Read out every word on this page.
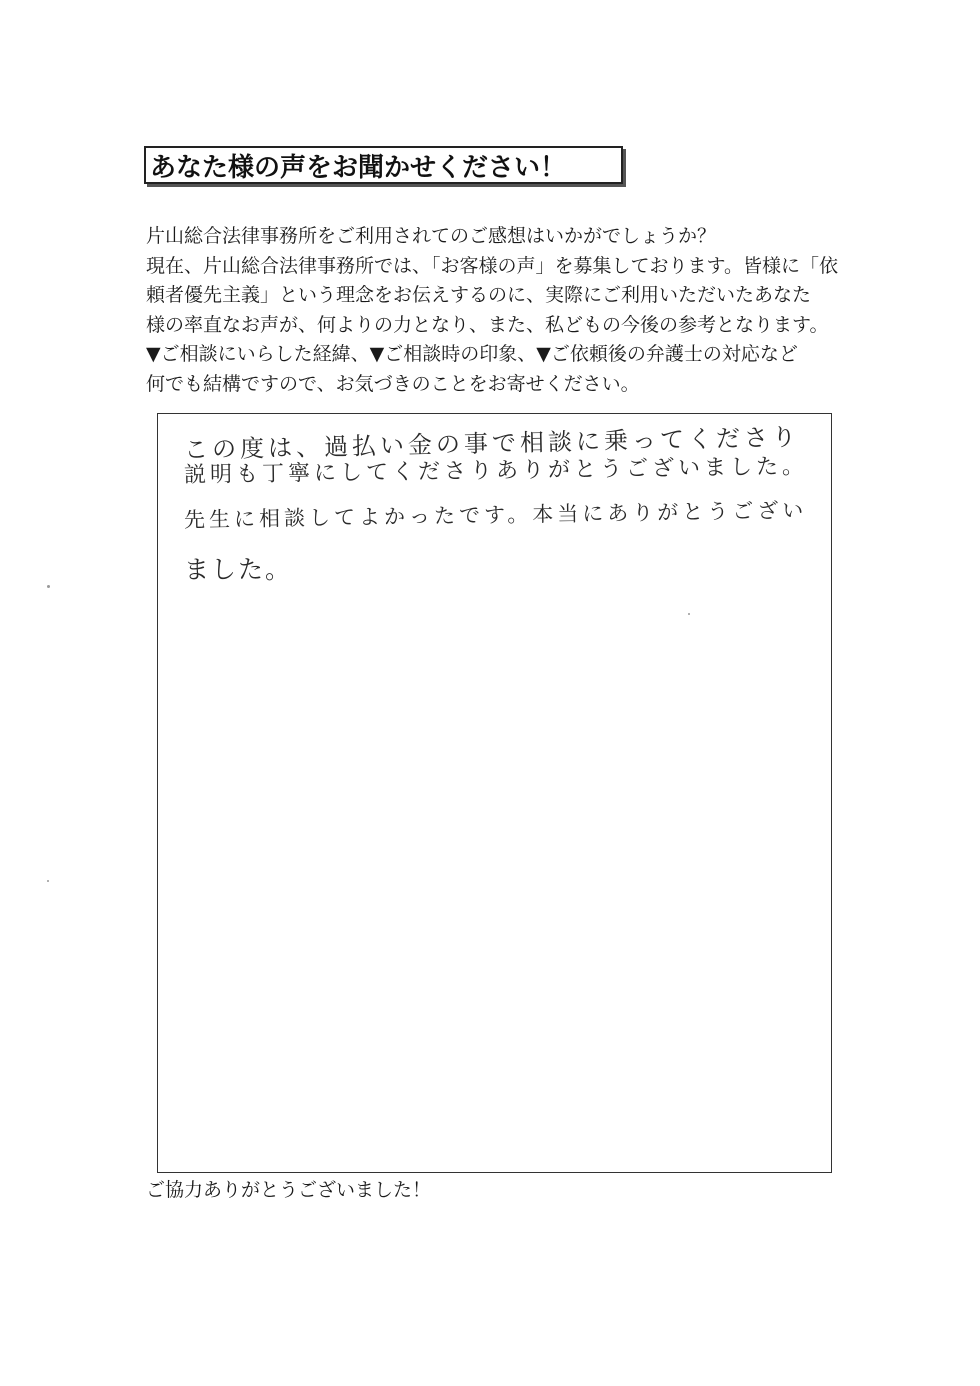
あなた様の声をお聞かせください！
片山総合法律事務所をご利用されてのご感想はいかがでしょうか？
現在、片山総合法律事務所では、「お客様の声」を募集しております。皆様に「依
頼者優先主義」という理念をお伝えするのに、実際にご利用いただいたあなた
様の率直なお声が、何よりの力となり、また、私どもの今後の参考となります。
▼ご相談にいらした経緯、▼ご相談時の印象、▼ご依頼後の弁護士の対応など
何でも結構ですので、お気づきのことをお寄せください。
この度は、過払い金の事で相談に乗ってくださり
説明も丁寧にしてくださりありがとうございました。
先生に相談してよかったです。本当にありがとうござい
ました。
ご協力ありがとうございました！
